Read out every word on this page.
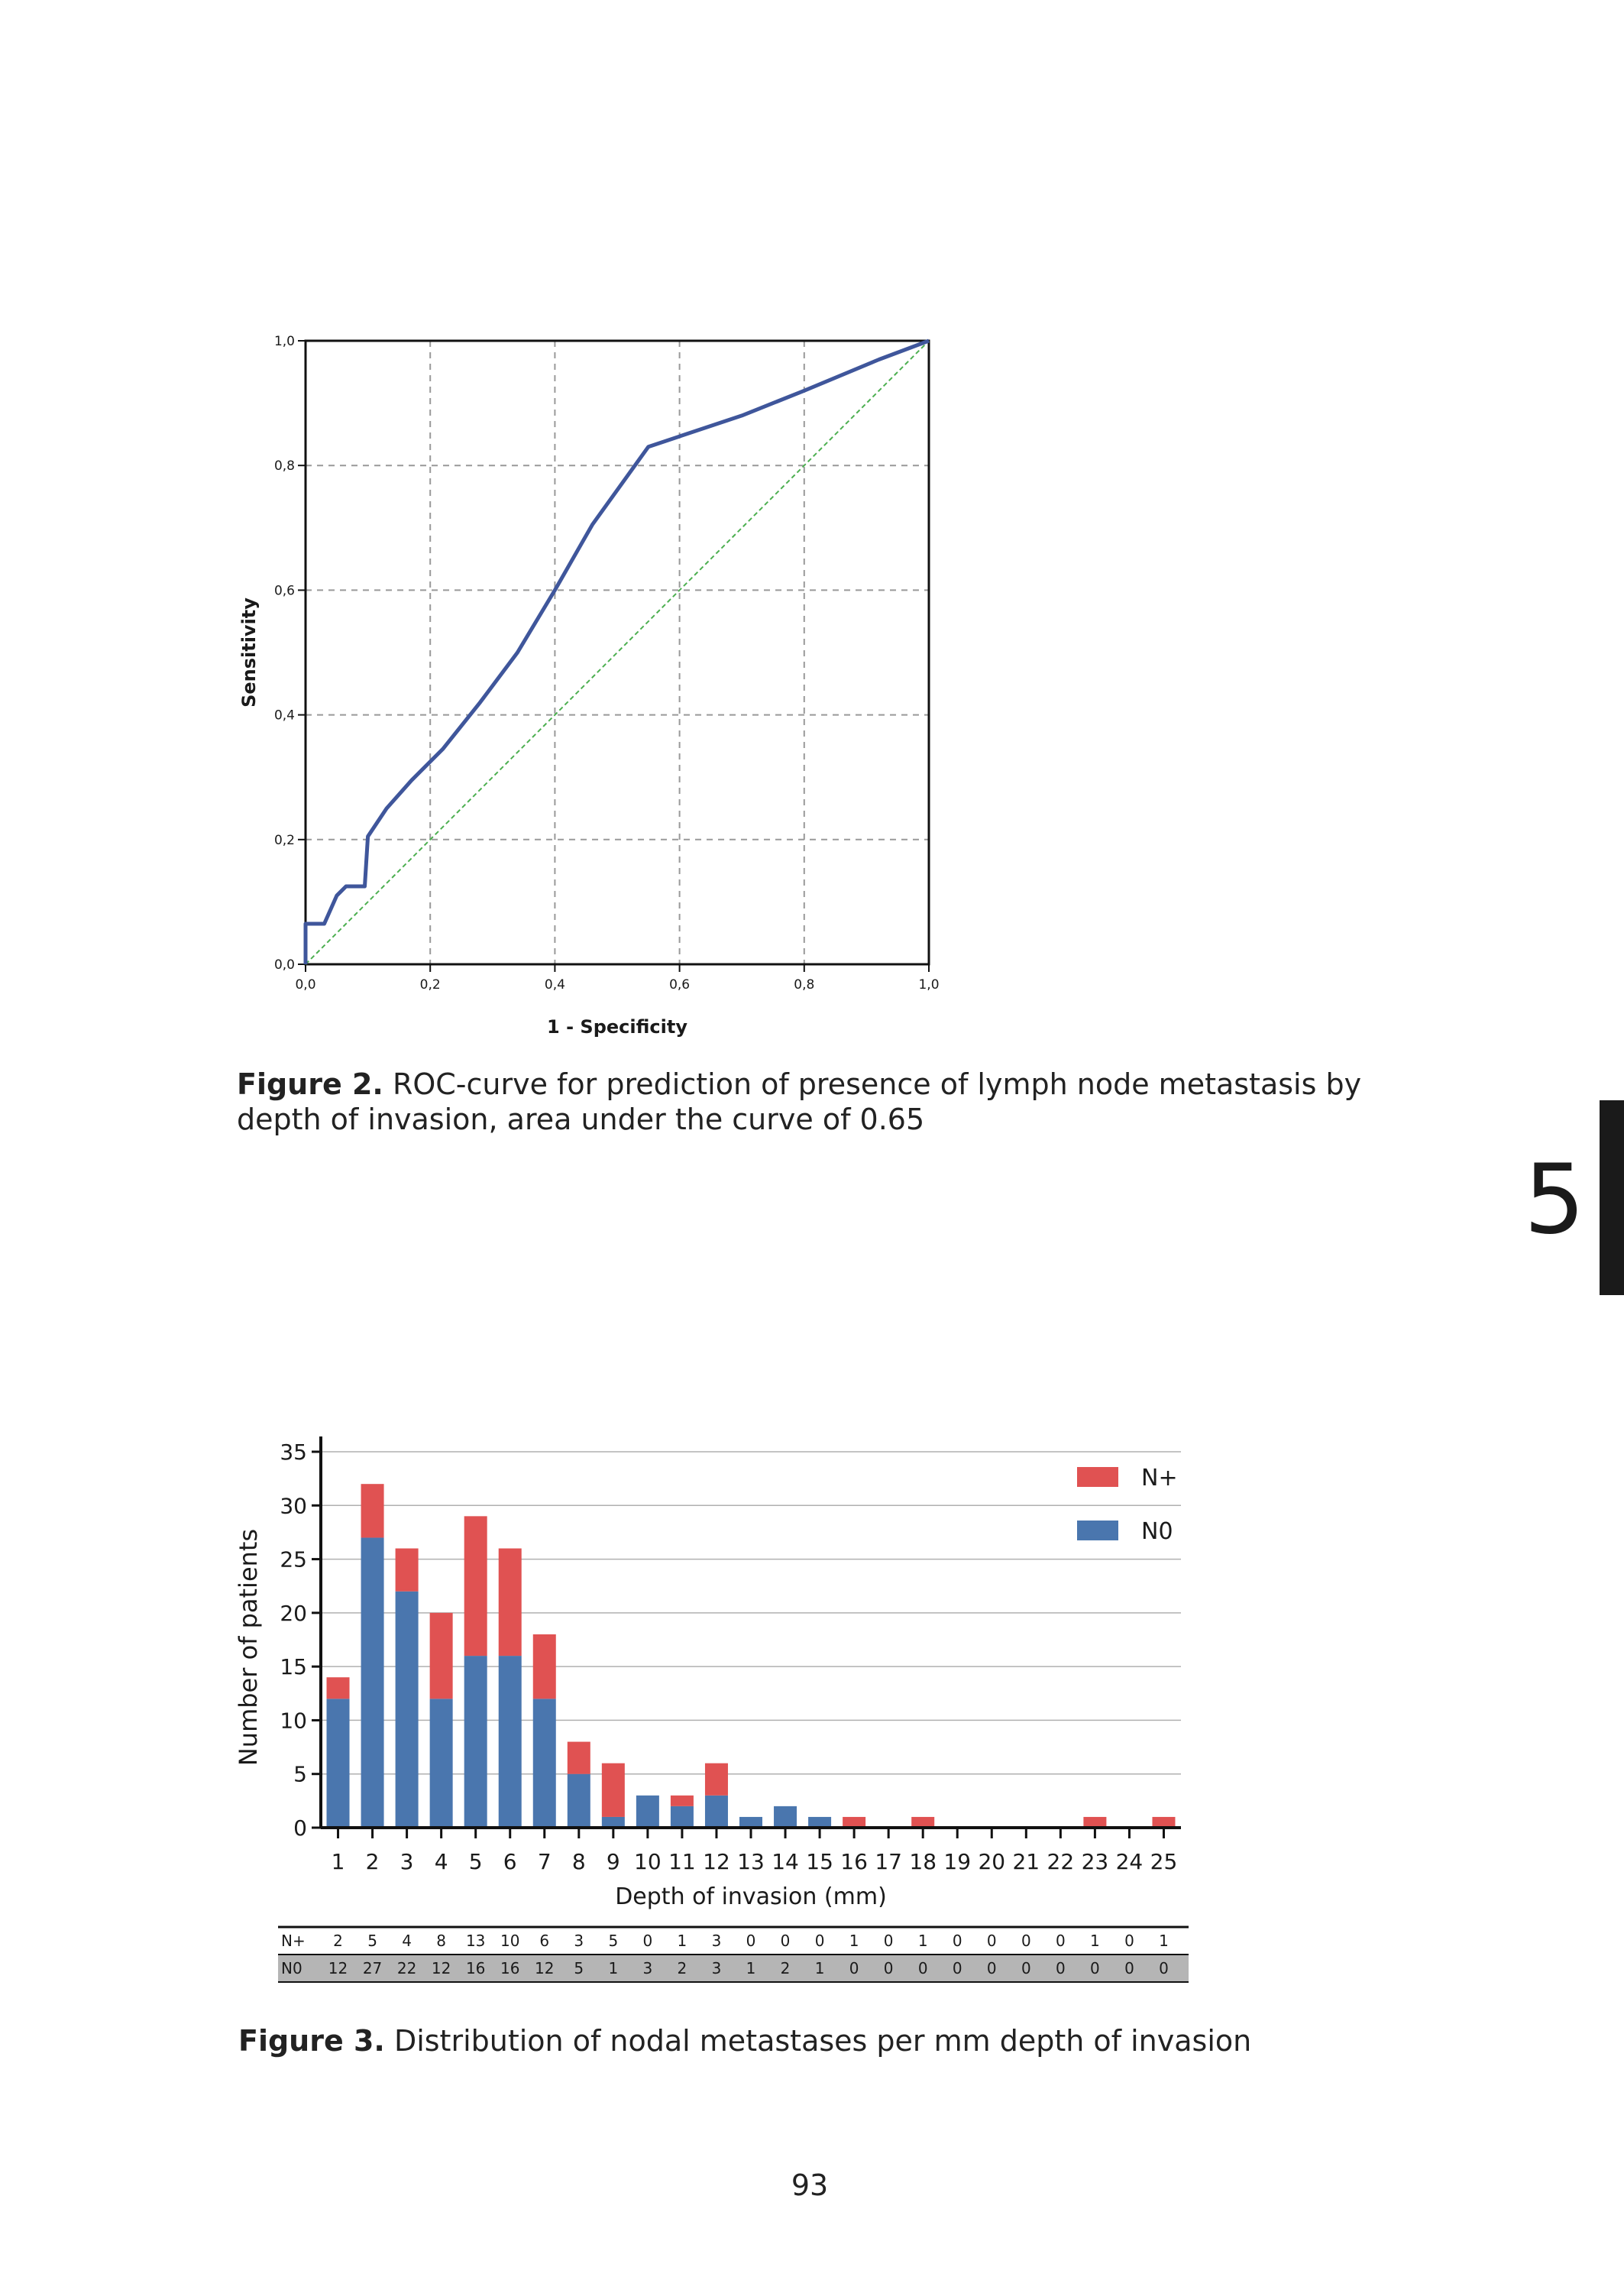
0,0	0,2	0,4	0,6	0,8	1,0
0,0
0,2
0,4
0,6
0,8
1,0
1 - Specificity
Sensitivity
Figure 2. ROC-curve for prediction of presence of lymph node metastasis by depth of invasion, area under the curve of 0.65
5
0
5
10
15
20
25
30
35
1 2 3 4 5 6 7 8 9 10 11 12 13 14 15 16 17 18 19 20 21 22 23 24 25
Depth of invasion (mm)
Number of patients
N+
N0
N+ 2 5 4 8 13 10 6 3 5 0 1 3 0 0 0 1 0 1 0 0 0 0 1 0 1
N0 12 27 22 12 16 16 12 5 1 3 2 3 1 2 1 0 0 0 0 0 0 0 0 0 0
Figure 3. Distribution of nodal metastases per mm depth of invasion
93
